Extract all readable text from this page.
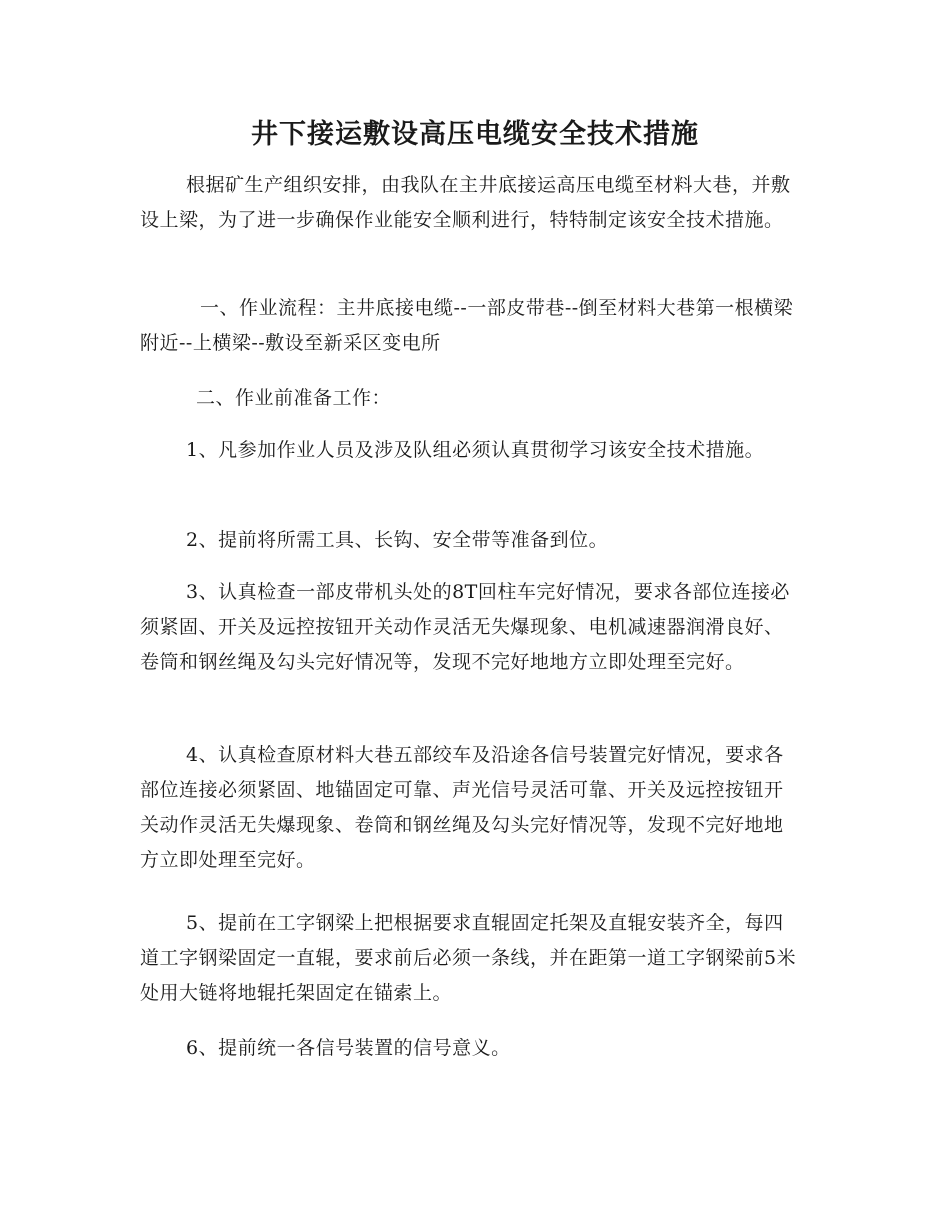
井下接运敷设高压电缆安全技术措施

根据矿生产组织安排，由我队在主井底接运高压电缆至材料大巷，并敷设上梁，为了进一步确保作业能安全顺利进行，特特制定该安全技术措施。

一、作业流程：主井底接电缆--一部皮带巷--倒至材料大巷第一根横梁附近--上横梁--敷设至新采区变电所

二、作业前准备工作：

1、凡参加作业人员及涉及队组必须认真贯彻学习该安全技术措施。

2、提前将所需工具、长钩、安全带等准备到位。

3、认真检查一部皮带机头处的8T回柱车完好情况，要求各部位连接必须紧固、开关及远控按钮开关动作灵活无失爆现象、电机减速器润滑良好、卷筒和钢丝绳及勾头完好情况等，发现不完好地地方立即处理至完好。

4、认真检查原材料大巷五部绞车及沿途各信号装置完好情况，要求各部位连接必须紧固、地锚固定可靠、声光信号灵活可靠、开关及远控按钮开关动作灵活无失爆现象、卷筒和钢丝绳及勾头完好情况等，发现不完好地地方立即处理至完好。

5、提前在工字钢梁上把根据要求直辊固定托架及直辊安装齐全，每四道工字钢梁固定一直辊，要求前后必须一条线，并在距第一道工字钢梁前5米处用大链将地辊托架固定在锚索上。

6、提前统一各信号装置的信号意义。
